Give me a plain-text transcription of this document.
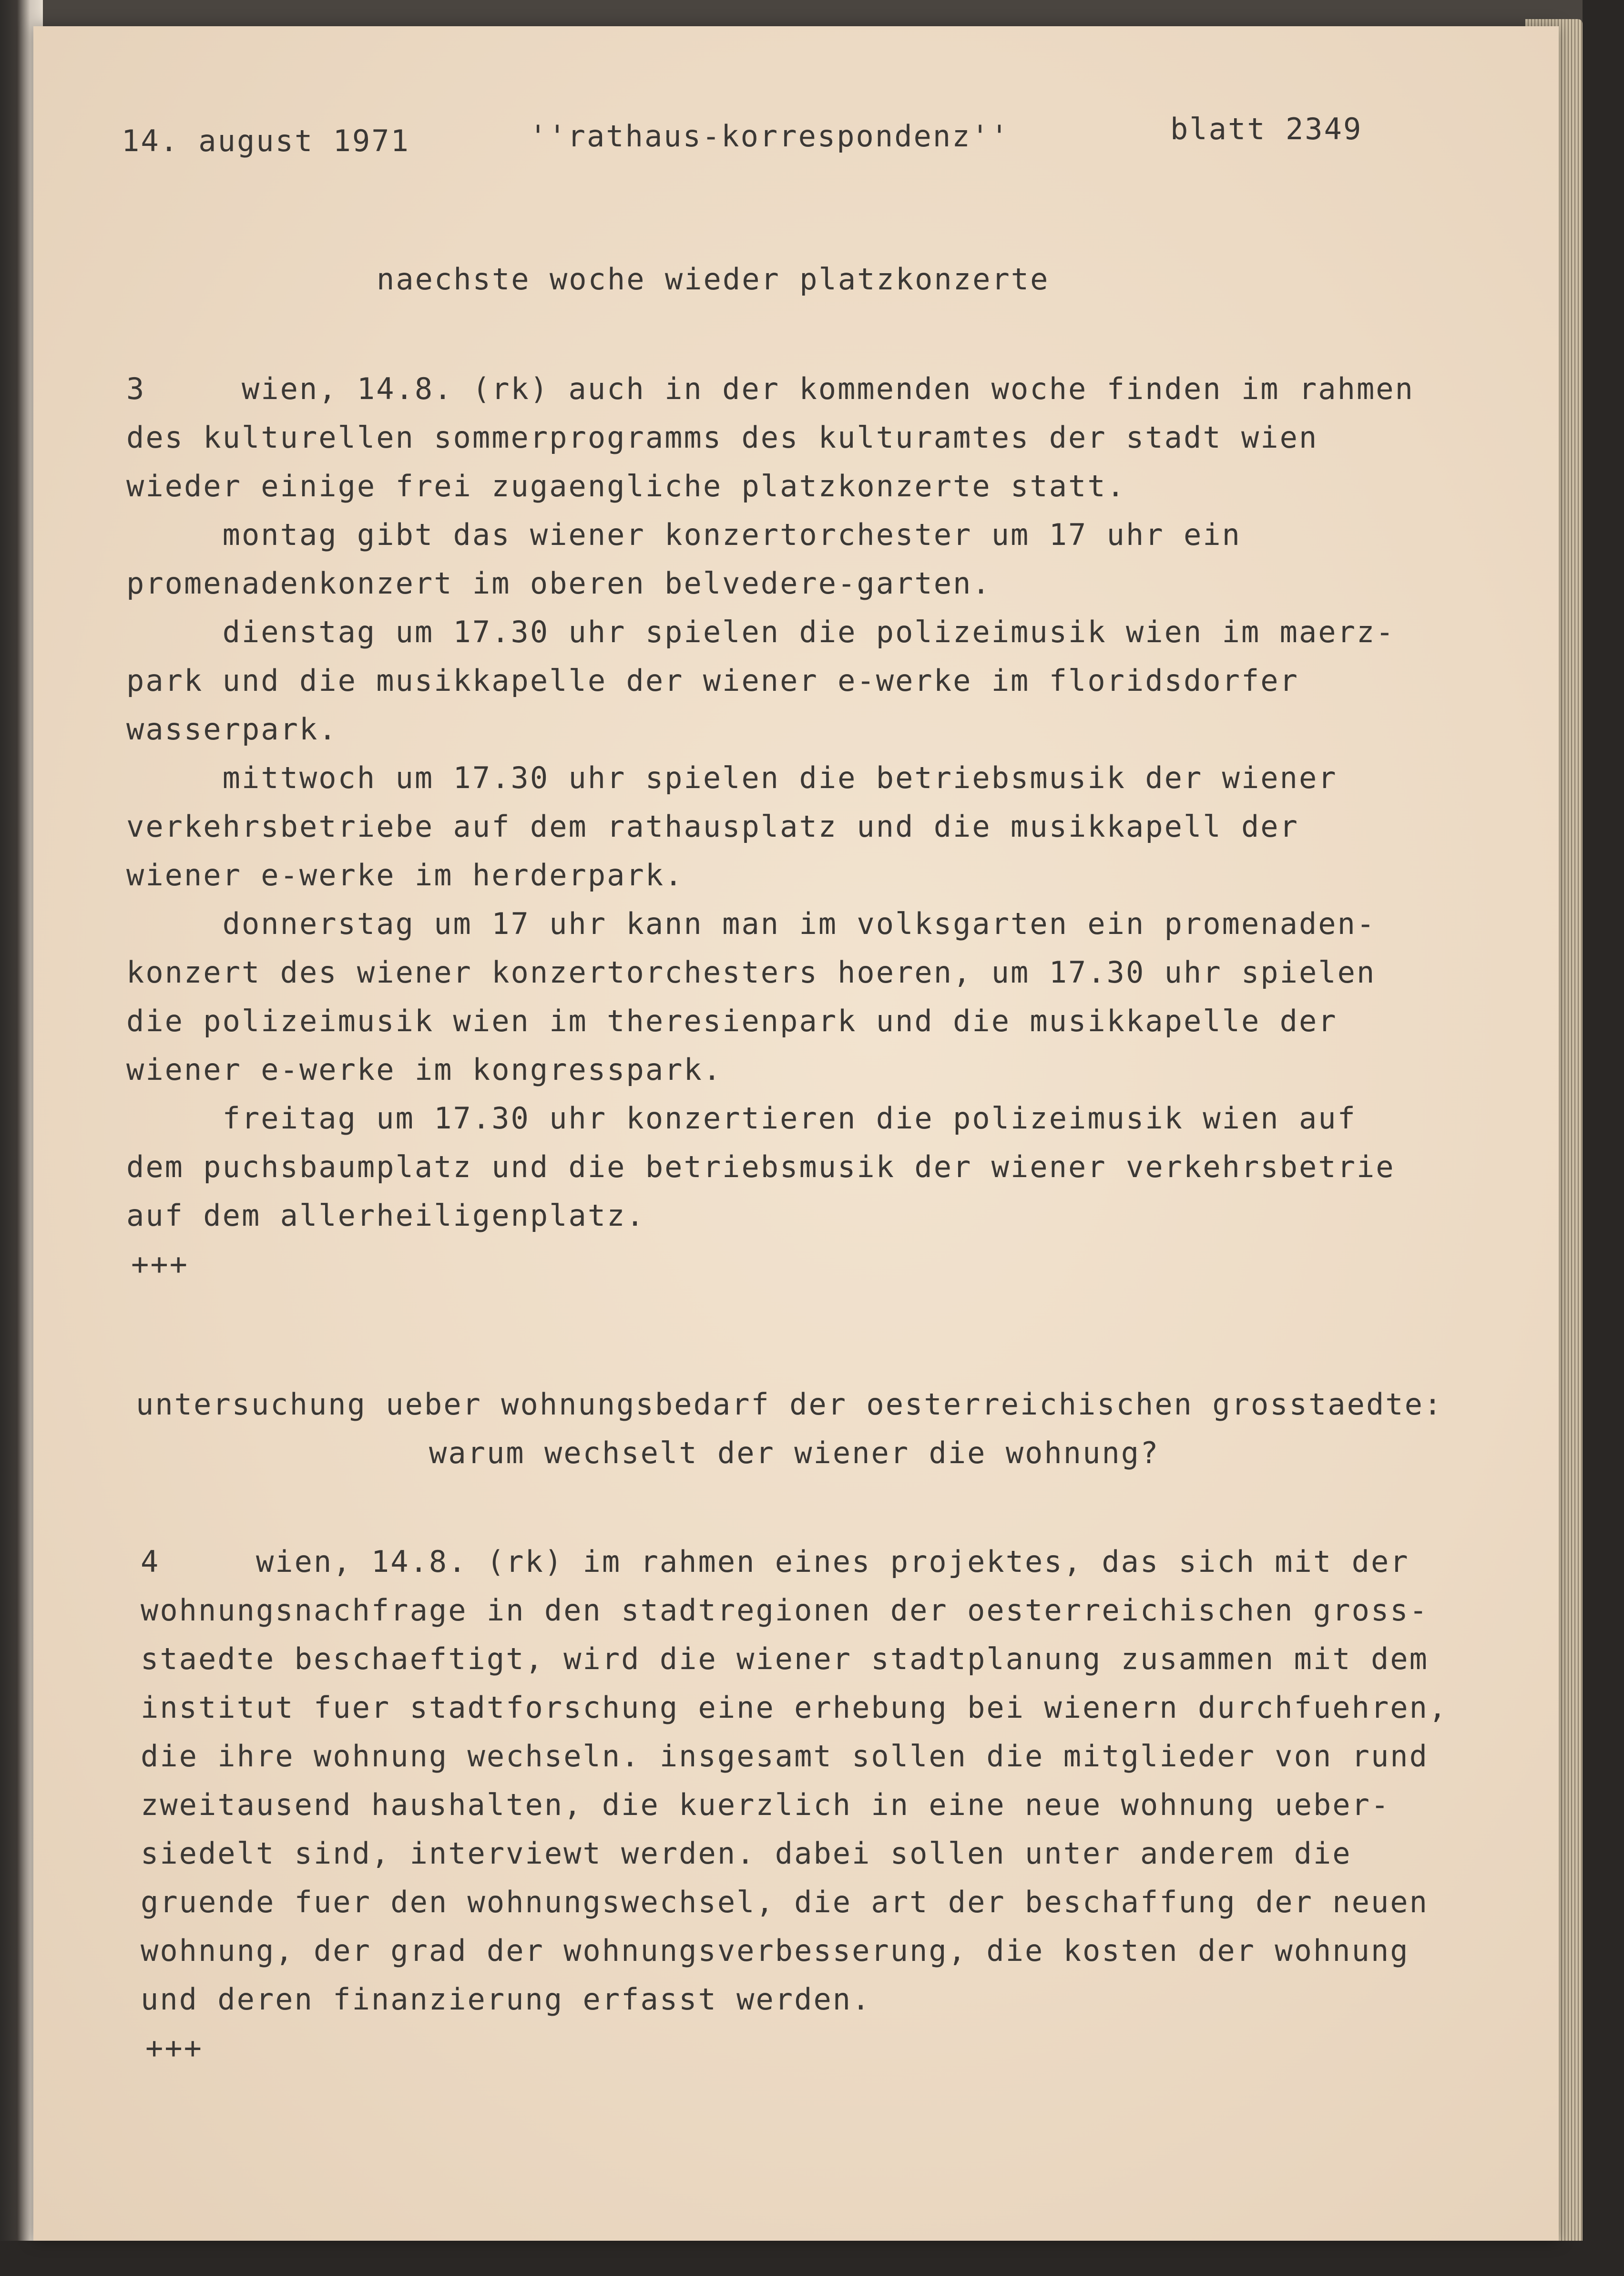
14. august 1971	''rathaus-korrespondenz''	blatt 2349

naechste woche wieder platzkonzerte

3     wien, 14.8. (rk) auch in der kommenden woche finden im rahmen

des kulturellen sommerprogramms des kulturamtes der stadt wien

wieder einige frei zugaengliche platzkonzerte statt.

montag gibt das wiener konzertorchester um 17 uhr ein

promenadenkonzert im oberen belvedere-garten.

dienstag um 17.30 uhr spielen die polizeimusik wien im maerz-

park und die musikkapelle der wiener e-werke im floridsdorfer

wasserpark.

mittwoch um 17.30 uhr spielen die betriebsmusik der wiener

verkehrsbetriebe auf dem rathausplatz und die musikkapell der

wiener e-werke im herderpark.

donnerstag um 17 uhr kann man im volksgarten ein promenaden-

konzert des wiener konzertorchesters hoeren, um 17.30 uhr spielen

die polizeimusik wien im theresienpark und die musikkapelle der

wiener e-werke im kongresspark.

freitag um 17.30 uhr konzertieren die polizeimusik wien auf

dem puchsbaumplatz und die betriebsmusik der wiener verkehrsbetrie

auf dem allerheiligenplatz.

+++

untersuchung ueber wohnungsbedarf der oesterreichischen grosstaedte:

warum wechselt der wiener die wohnung?

4     wien, 14.8. (rk) im rahmen eines projektes, das sich mit der

wohnungsnachfrage in den stadtregionen der oesterreichischen gross-

staedte beschaeftigt, wird die wiener stadtplanung zusammen mit dem

institut fuer stadtforschung eine erhebung bei wienern durchfuehren,

die ihre wohnung wechseln. insgesamt sollen die mitglieder von rund

zweitausend haushalten, die kuerzlich in eine neue wohnung ueber-

siedelt sind, interviewt werden. dabei sollen unter anderem die

gruende fuer den wohnungswechsel, die art der beschaffung der neuen

wohnung, der grad der wohnungsverbesserung, die kosten der wohnung

und deren finanzierung erfasst werden.

+++
